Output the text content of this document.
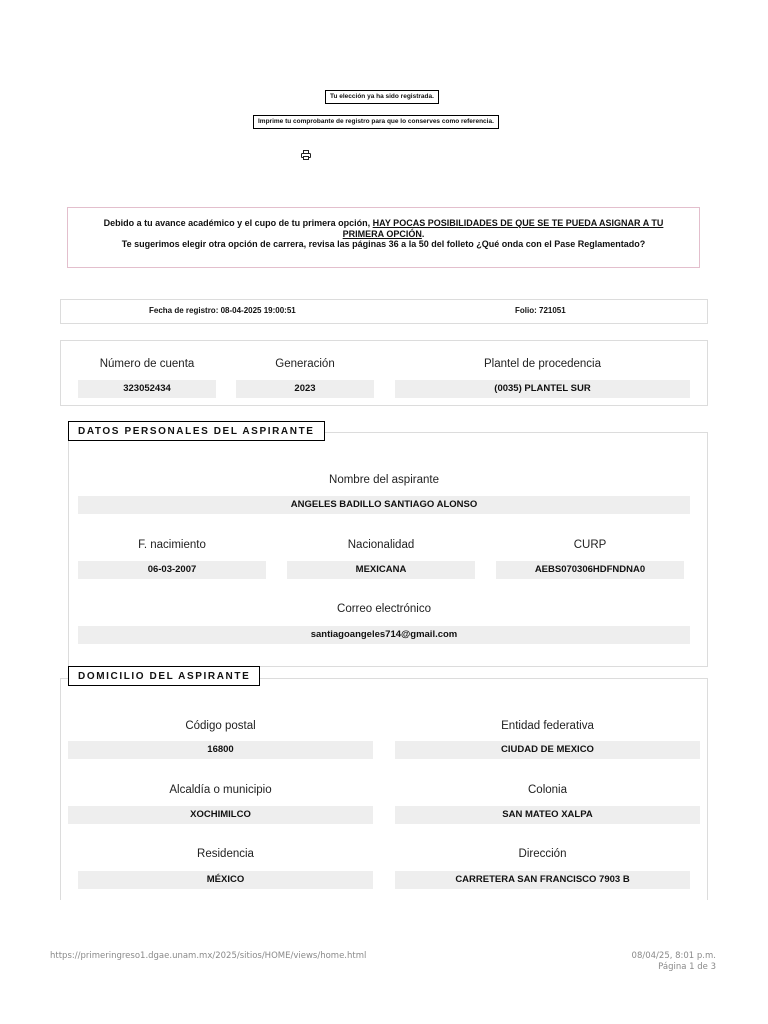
Tu elección ya ha sido registrada.
Imprime tu comprobante de registro para que lo conserves como referencia.
Debido a tu avance académico y el cupo de tu primera opción, HAY POCAS POSIBILIDADES DE QUE SE TE PUEDA ASIGNAR A TU PRIMERA OPCIÓN.
Te sugerimos elegir otra opción de carrera, revisa las páginas 36 a la 50 del folleto ¿Qué onda con el Pase Reglamentado?
Fecha de registro: 08-04-2025 19:00:51	Folio: 721051
Número de cuenta
323052434
Generación
2023
Plantel de procedencia
(0035) PLANTEL SUR
DATOS PERSONALES DEL ASPIRANTE
Nombre del aspirante
ANGELES BADILLO SANTIAGO ALONSO
F. nacimiento
06-03-2007
Nacionalidad
MEXICANA
CURP
AEBS070306HDFNDNA0
Correo electrónico
santiagoangeles714@gmail.com
DOMICILIO DEL ASPIRANTE
Código postal
16800
Entidad federativa
CIUDAD DE MEXICO
Alcaldía o municipio
XOCHIMILCO
Colonia
SAN MATEO XALPA
Residencia
MÉXICO
Dirección
CARRETERA SAN FRANCISCO 7903 B
https://primeringreso1.dgae.unam.mx/2025/sitios/HOME/views/home.html	08/04/25, 8:01 p.m.
Página 1 de 3
